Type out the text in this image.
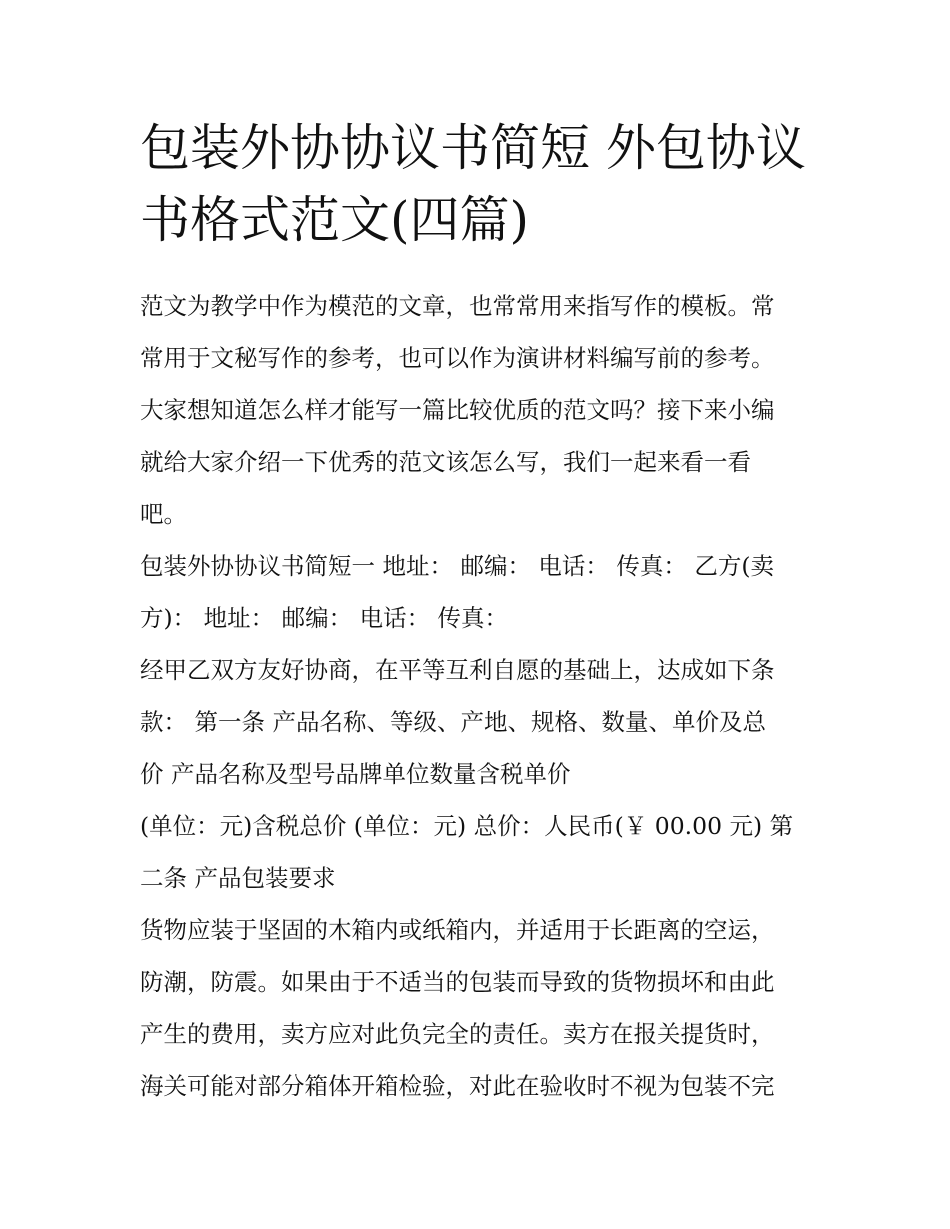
包装外协协议书简短 外包协议
书格式范文(四篇)
范文为教学中作为模范的文章，也常常用来指写作的模板。常
常用于文秘写作的参考，也可以作为演讲材料编写前的参考。
大家想知道怎么样才能写一篇比较优质的范文吗？接下来小编
就给大家介绍一下优秀的范文该怎么写，我们一起来看一看
吧。
包装外协协议书简短一 地址： 邮编： 电话： 传真： 乙方(卖
方)： 地址： 邮编： 电话： 传真：
经甲乙双方友好协商，在平等互利自愿的基础上，达成如下条
款： 第一条 产品名称、等级、产地、规格、数量、单价及总
价 产品名称及型号品牌单位数量含税单价
(单位：元)含税总价 (单位：元) 总价：人民币(￥ 00.00 元) 第
二条 产品包装要求
货物应装于坚固的木箱内或纸箱内，并适用于长距离的空运，
防潮，防震。如果由于不适当的包装而导致的货物损坏和由此
产生的费用，卖方应对此负完全的责任。卖方在报关提货时，
海关可能对部分箱体开箱检验，对此在验收时不视为包装不完
